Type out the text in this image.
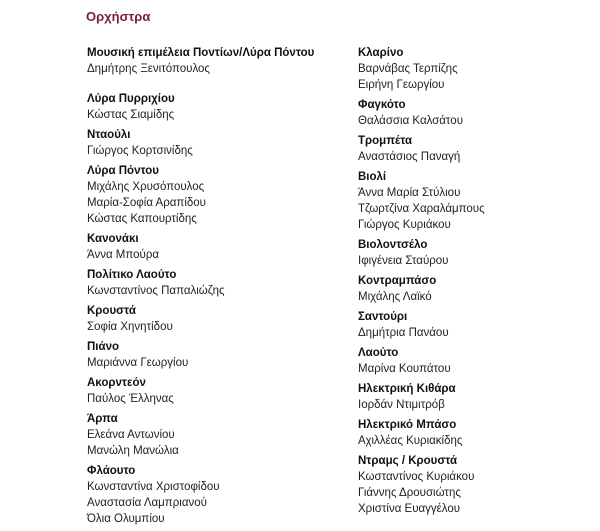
Ορχήστρα
Μουσική επιμέλεια Ποντίων/Λύρα Πόντου
Δημήτρης Ξενιτόπουλος
Λύρα Πυρριχίου
Κώστας Σιαμίδης
Νταούλι
Γιώργος Κορτσινίδης
Λύρα Πόντου
Μιχάλης Χρυσόπουλος
Μαρία-Σοφία Αραπίδου
Κώστας Καπουρτίδης
Κανονάκι
Άννα Μπούρα
Πολίτικο Λαούτο
Κωνσταντίνος Παπαλιώζης
Κρουστά
Σοφία Χηνητίδου
Πιάνο
Μαριάννα Γεωργίου
Ακορντεόν
Παύλος Έλληνας
Άρπα
Ελεάνα Αντωνίου
Μανώλη Μανώλια
Φλάουτο
Κωνσταντίνα Χριστοφίδου
Αναστασία Λαμπριανού
Όλια Ολυμπίου
Κλαρίνο
Βαρνάβας Τερπίζης
Ειρήνη Γεωργίου
Φαγκότο
Θαλάσσια Καλσάτου
Τρομπέτα
Αναστάσιος Παναγή
Βιολί
Άννα Μαρία Στύλιου
Τζωρτζίνα Χαραλάμπους
Γιώργος Κυριάκου
Βιολοντσέλο
Ιφιγένεια Σταύρου
Κοντραμπάσο
Μιχάλης Λαϊκό
Σαντούρι
Δημήτρια Πανάου
Λαούτο
Μαρίνα Κουπάτου
Ηλεκτρική Κιθάρα
Ιορδάν Ντιμιτρόβ
Ηλεκτρικό Μπάσο
Αχιλλέας Κυριακίδης
Ντραμς / Κρουστά
Κωσταντίνος Κυριάκου
Γιάννης Δρουσιώτης
Χριστίνα Ευαγγέλου
